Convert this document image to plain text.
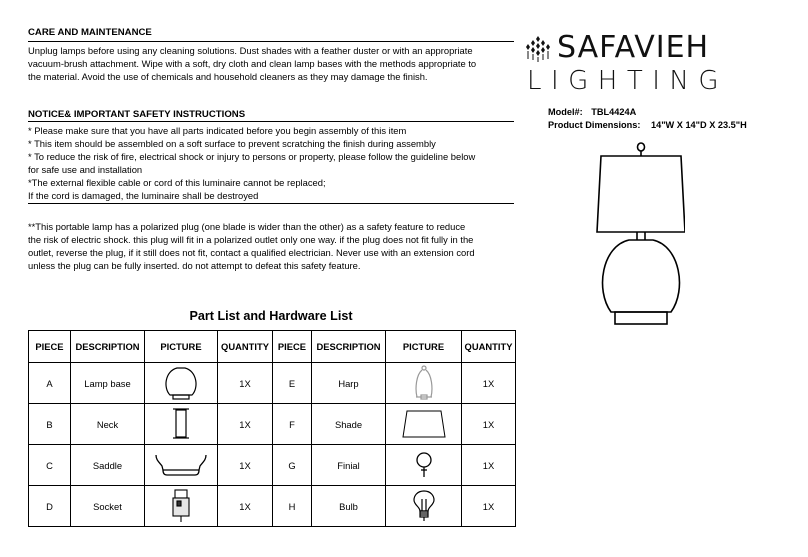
CARE AND MAINTENANCE

Unplug lamps before using any cleaning solutions. Dust shades with a feather duster or with an appropriate

vacuum-brush attachment. Wipe with a soft, dry cloth and clean lamp bases with the methods appropriate to

the material. Avoid the use of chemicals and household cleaners as they may damage the finish.

NOTICE& IMPORTANT SAFETY INSTRUCTIONS

* Please make sure that you have all parts indicated before you begin assembly of this item

* This item should be assembled on a soft surface to prevent scratching the finish during assembly

* To reduce the risk of fire, electrical shock or injury to persons or property, please follow the guideline below

for safe use and installation

*The external flexible cable or cord of this luminaire cannot be replaced;

If the cord is damaged, the luminaire shall be destroyed

**This portable lamp has a polarized plug (one blade is wider than the other) as a safety feature to reduce

the risk of electric shock. this plug will fit in a polarized outlet only one way. if the plug does not fit fully in the

outlet, reverse the plug, if it still does not fit, contact a qualified electrician. Never use with an extension cord

unless the plug can be fully inserted. do not attempt to defeat this safety feature.

SAFAVIEH
LIGHTING
Model#: TBL4424A
Product Dimensions: 14"W X 14"D X 23.5"H
Part List and Hardware List
PIECE	DESCRIPTION	PICTURE	QUANTITY	PIECE	DESCRIPTION	PICTURE	QUANTITY
A	Lamp base		1X	E	Harp		1X
B	Neck		1X	F	Shade		1X
C	Saddle		1X	G	Finial		1X
D	Socket		1X	H	Bulb		1X
